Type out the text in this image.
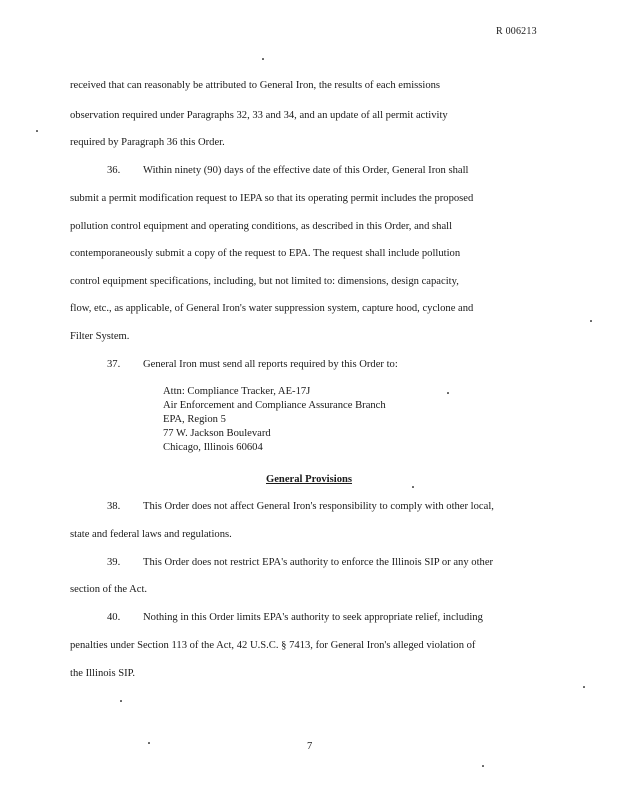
R 006213
received that can reasonably be attributed to General Iron, the results of each emissions
observation required under Paragraphs 32, 33 and 34, and an update of all permit activity
required by Paragraph 36 this Order.
36. Within ninety (90) days of the effective date of this Order, General Iron shall
submit a permit modification request to IEPA so that its operating permit includes the proposed
pollution control equipment and operating conditions, as described in this Order, and shall
contemporaneously submit a copy of the request to EPA. The request shall include pollution
control equipment specifications, including, but not limited to: dimensions, design capacity,
flow, etc., as applicable, of General Iron's water suppression system, capture hood, cyclone and
Filter System.
37. General Iron must send all reports required by this Order to:
Attn: Compliance Tracker, AE-17J
Air Enforcement and Compliance Assurance Branch
EPA, Region 5
77 W. Jackson Boulevard
Chicago, Illinois 60604
General Provisions
38. This Order does not affect General Iron's responsibility to comply with other local,
state and federal laws and regulations.
39. This Order does not restrict EPA's authority to enforce the Illinois SIP or any other
section of the Act.
40. Nothing in this Order limits EPA's authority to seek appropriate relief, including
penalties under Section 113 of the Act, 42 U.S.C. § 7413, for General Iron's alleged violation of
the Illinois SIP.
7
